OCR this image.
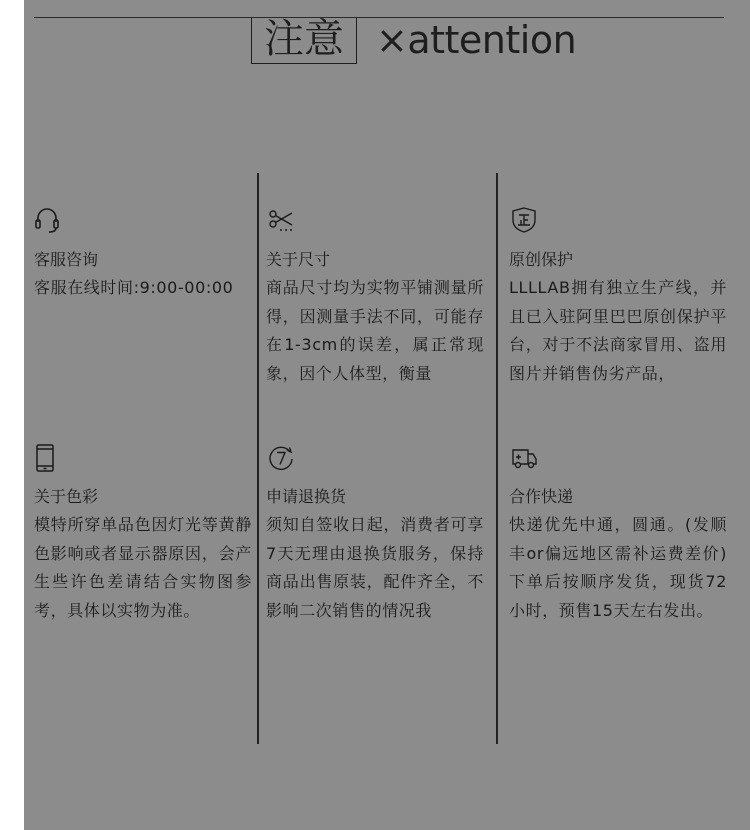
注意 ×attention
客服咨询
客服在线时间:9:00-00:00
关于尺寸
商品尺寸均为实物平铺测量所得，因测量手法不同，可能存在1-3cm的误差，属正常现象，因个人体型，衡量
原创保护
LLLLAB拥有独立生产线，并且已入驻阿里巴巴原创保护平台，对于不法商家冒用、盗用图片并销售伪劣产品，
关于色彩
模特所穿单品色因灯光等黄静色影响或者显示器原因，会产生些许色差请结合实物图参考，具体以实物为准。
申请退换货
须知自签收日起，消费者可享7天无理由退换货服务，保持商品出售原装，配件齐全，不影响二次销售的情况我
合作快递
快递优先中通，圆通。(发顺丰or偏远地区需补运费差价)下单后按顺序发货，现货72小时，预售15天左右发出。
